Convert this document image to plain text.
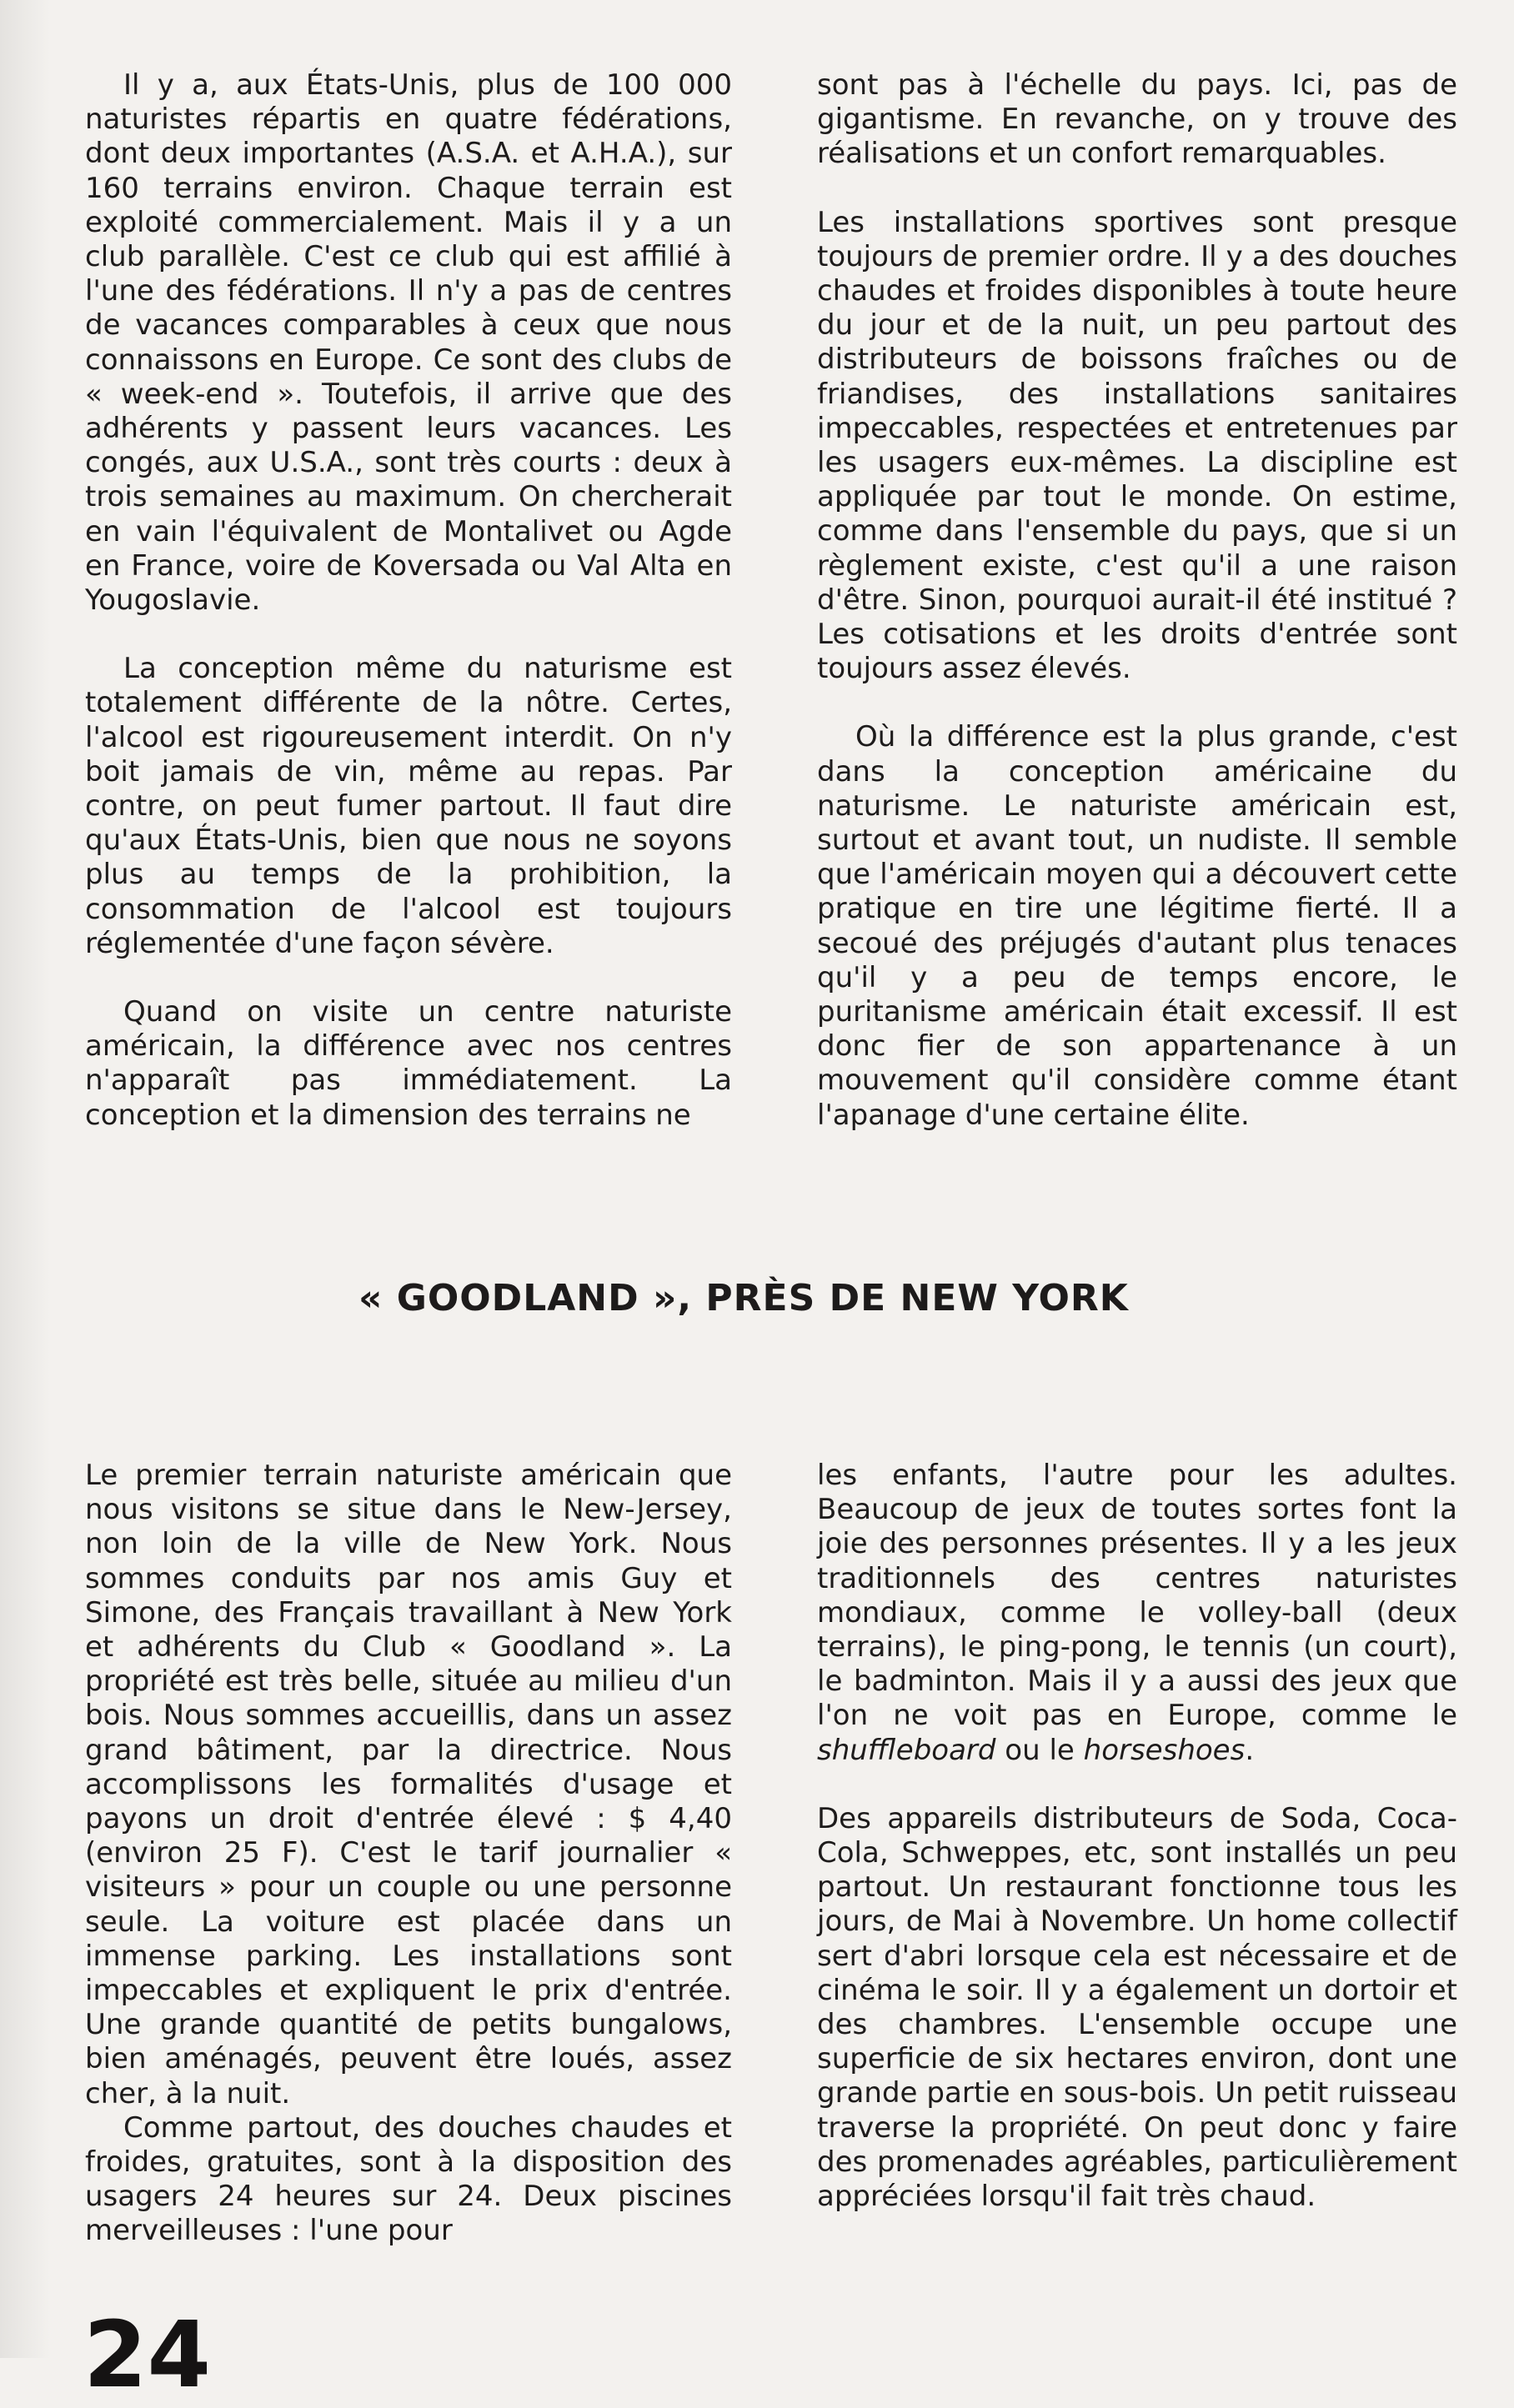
Il y a, aux États-Unis, plus de 100 000 naturistes répartis en quatre fédérations, dont deux importantes (A.S.A. et A.H.A.), sur 160 terrains environ. Chaque terrain est exploité commercialement. Mais il y a un club parallèle. C'est ce club qui est affilié à l'une des fédérations. Il n'y a pas de centres de vacances comparables à ceux que nous connaissons en Europe. Ce sont des clubs de « week-end ». Toutefois, il arrive que des adhérents y passent leurs vacances. Les congés, aux U.S.A., sont très courts : deux à trois semaines au maximum. On chercherait en vain l'équivalent de Montalivet ou Agde en France, voire de Koversada ou Val Alta en Yougoslavie.

La conception même du naturisme est totalement différente de la nôtre. Certes, l'alcool est rigoureusement interdit. On n'y boit jamais de vin, même au repas. Par contre, on peut fumer partout. Il faut dire qu'aux États-Unis, bien que nous ne soyons plus au temps de la prohibition, la consommation de l'alcool est toujours réglementée d'une façon sévère.

Quand on visite un centre naturiste américain, la différence avec nos centres n'apparaît pas immédiatement. La conception et la dimension des terrains ne

sont pas à l'échelle du pays. Ici, pas de gigantisme. En revanche, on y trouve des réalisations et un confort remarquables.

Les installations sportives sont presque toujours de premier ordre. Il y a des douches chaudes et froides disponibles à toute heure du jour et de la nuit, un peu partout des distributeurs de boissons fraîches ou de friandises, des installations sanitaires impeccables, respectées et entretenues par les usagers eux-mêmes. La discipline est appliquée par tout le monde. On estime, comme dans l'ensemble du pays, que si un règlement existe, c'est qu'il a une raison d'être. Sinon, pourquoi aurait-il été institué ? Les cotisations et les droits d'entrée sont toujours assez élevés.

Où la différence est la plus grande, c'est dans la conception américaine du naturisme. Le naturiste américain est, surtout et avant tout, un nudiste. Il semble que l'américain moyen qui a découvert cette pratique en tire une légitime fierté. Il a secoué des préjugés d'autant plus tenaces qu'il y a peu de temps encore, le puritanisme américain était excessif. Il est donc fier de son appartenance à un mouvement qu'il considère comme étant l'apanage d'une certaine élite.

« GOODLAND », PRÈS DE NEW YORK

Le premier terrain naturiste américain que nous visitons se situe dans le New-Jersey, non loin de la ville de New York. Nous sommes conduits par nos amis Guy et Simone, des Français travaillant à New York et adhérents du Club « Goodland ». La propriété est très belle, située au milieu d'un bois. Nous sommes accueillis, dans un assez grand bâtiment, par la directrice. Nous accomplissons les formalités d'usage et payons un droit d'entrée élevé : $ 4,40 (environ 25 F). C'est le tarif journalier « visiteurs » pour un couple ou une personne seule. La voiture est placée dans un immense parking. Les installations sont impeccables et expliquent le prix d'entrée. Une grande quantité de petits bungalows, bien aménagés, peuvent être loués, assez cher, à la nuit.

Comme partout, des douches chaudes et froides, gratuites, sont à la disposition des usagers 24 heures sur 24. Deux piscines merveilleuses : l'une pour

les enfants, l'autre pour les adultes. Beaucoup de jeux de toutes sortes font la joie des personnes présentes. Il y a les jeux traditionnels des centres naturistes mondiaux, comme le volley-ball (deux terrains), le ping-pong, le tennis (un court), le badminton. Mais il y a aussi des jeux que l'on ne voit pas en Europe, comme le shuffleboard ou le horseshoes.

Des appareils distributeurs de Soda, Coca-Cola, Schweppes, etc, sont installés un peu partout. Un restaurant fonctionne tous les jours, de Mai à Novembre. Un home collectif sert d'abri lorsque cela est nécessaire et de cinéma le soir. Il y a également un dortoir et des chambres. L'ensemble occupe une superficie de six hectares environ, dont une grande partie en sous-bois. Un petit ruisseau traverse la propriété. On peut donc y faire des promenades agréables, particulièrement appréciées lorsqu'il fait très chaud.

24
